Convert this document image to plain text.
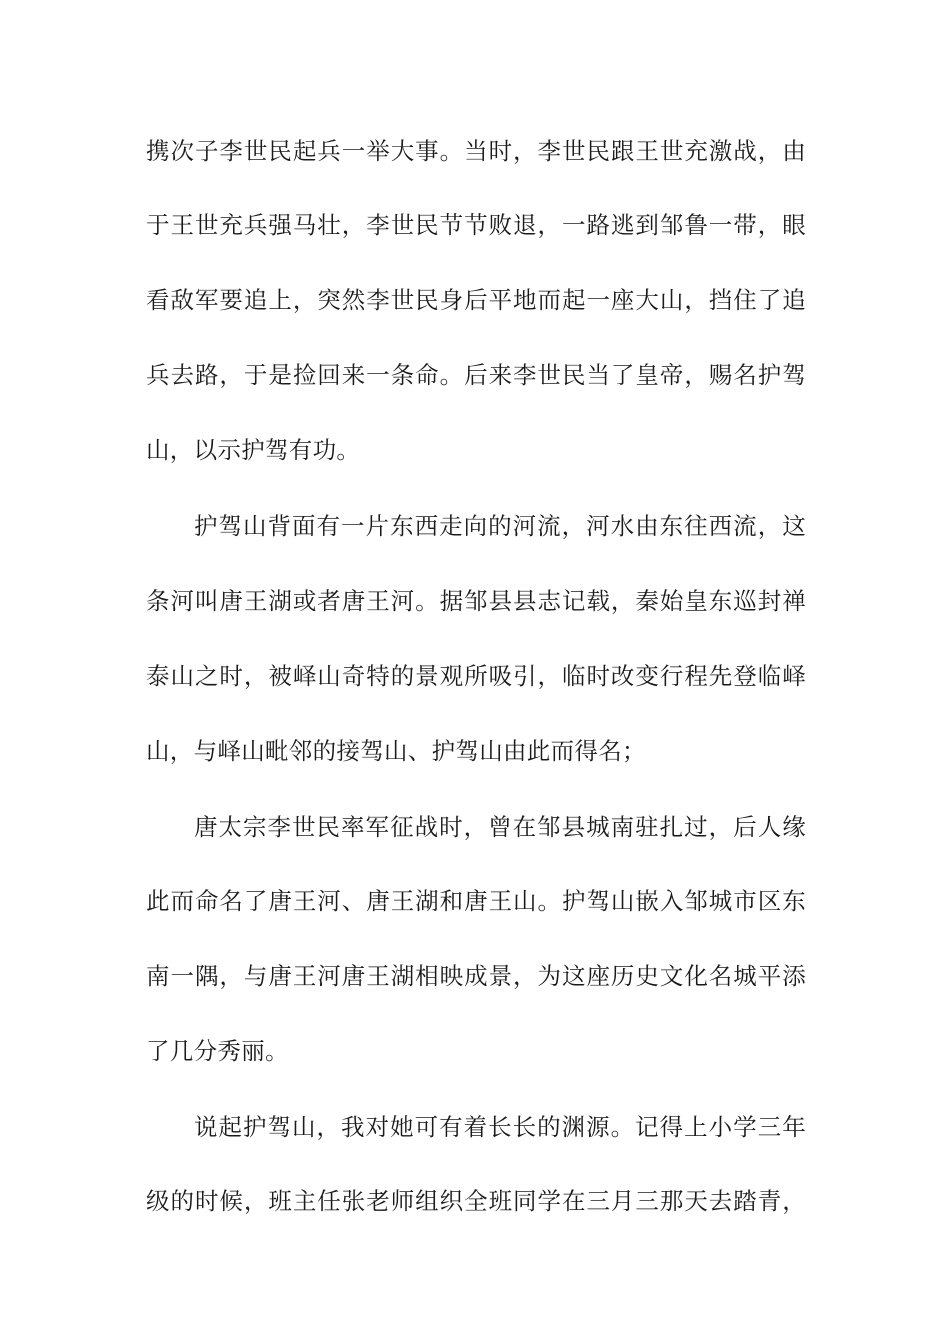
携次子李世民起兵一举大事。当时，李世民跟王世充激战，由
于王世充兵强马壮，李世民节节败退，一路逃到邹鲁一带，眼
看敌军要追上，突然李世民身后平地而起一座大山，挡住了追
兵去路，于是捡回来一条命。后来李世民当了皇帝，赐名护驾
山，以示护驾有功。
护驾山背面有一片东西走向的河流，河水由东往西流，这
条河叫唐王湖或者唐王河。据邹县县志记载，秦始皇东巡封禅
泰山之时，被峄山奇特的景观所吸引，临时改变行程先登临峄
山，与峄山毗邻的接驾山、护驾山由此而得名；
唐太宗李世民率军征战时，曾在邹县城南驻扎过，后人缘
此而命名了唐王河、唐王湖和唐王山。护驾山嵌入邹城市区东
南一隅，与唐王河唐王湖相映成景，为这座历史文化名城平添
了几分秀丽。
说起护驾山，我对她可有着长长的渊源。记得上小学三年
级的时候，班主任张老师组织全班同学在三月三那天去踏青，
